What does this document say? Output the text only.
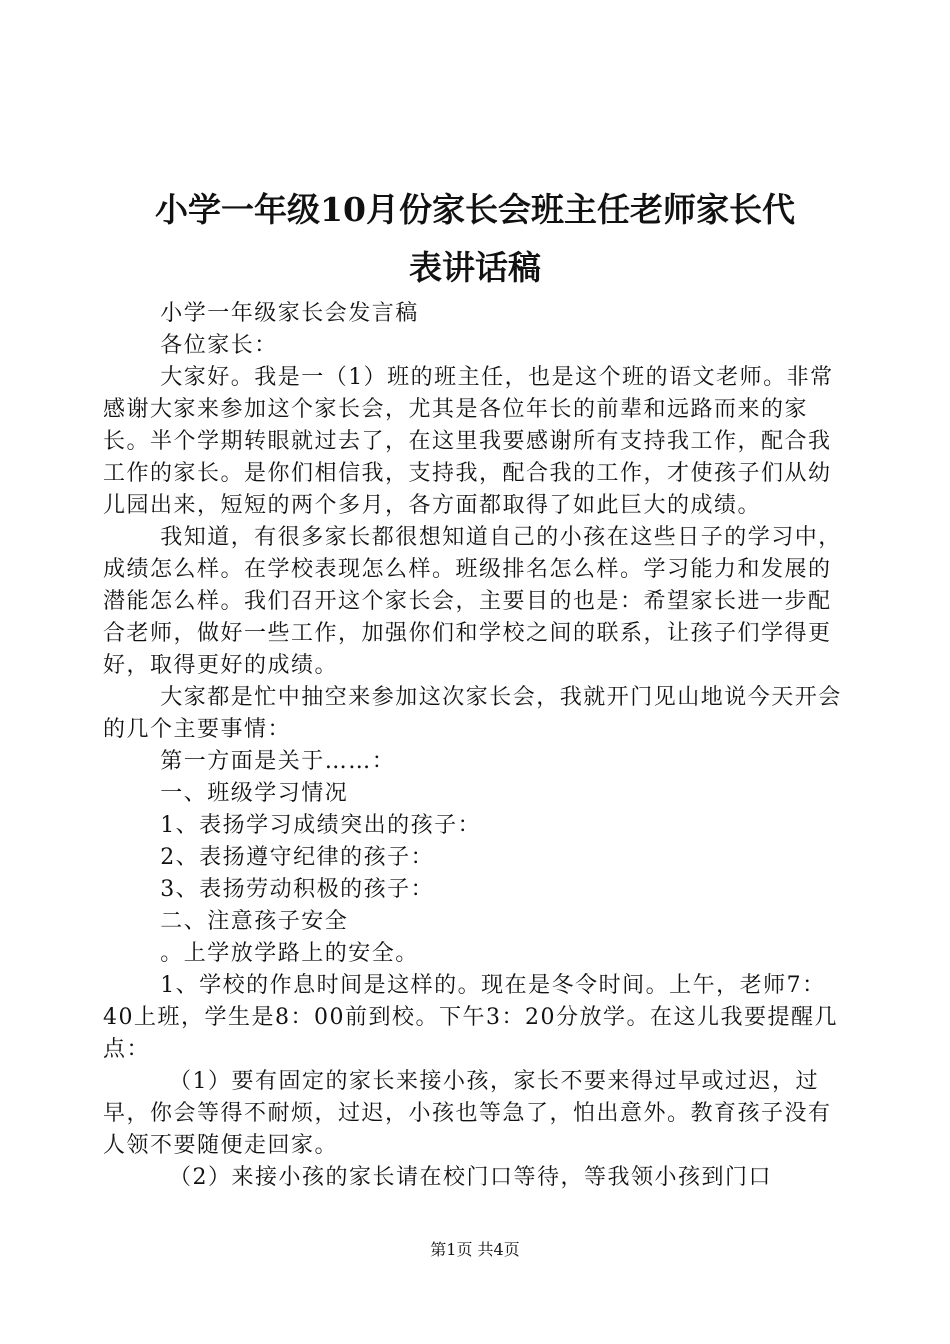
小学一年级10月份家长会班主任老师家长代
表讲话稿

小学一年级家长会发言稿

各位家长：

大家好。我是一（1）班的班主任，也是这个班的语文老师。非常感谢大家来参加这个家长会，尤其是各位年长的前辈和远路而来的家长。半个学期转眼就过去了，在这里我要感谢所有支持我工作，配合我工作的家长。是你们相信我，支持我，配合我的工作，才使孩子们从幼儿园出来，短短的两个多月，各方面都取得了如此巨大的成绩。

我知道，有很多家长都很想知道自己的小孩在这些日子的学习中，成绩怎么样。在学校表现怎么样。班级排名怎么样。学习能力和发展的潜能怎么样。我们召开这个家长会，主要目的也是：希望家长进一步配合老师，做好一些工作，加强你们和学校之间的联系，让孩子们学得更好，取得更好的成绩。

大家都是忙中抽空来参加这次家长会，我就开门见山地说今天开会的几个主要事情：

第一方面是关于……：

一、班级学习情况

1、表扬学习成绩突出的孩子：

2、表扬遵守纪律的孩子：

3、表扬劳动积极的孩子：

二、注意孩子安全

。上学放学路上的安全。

1、学校的作息时间是这样的。现在是冬令时间。上午，老师7：40上班，学生是8：00前到校。下午3：20分放学。在这儿我要提醒几点：

（1）要有固定的家长来接小孩，家长不要来得过早或过迟，过早，你会等得不耐烦，过迟，小孩也等急了，怕出意外。教育孩子没有人领不要随便走回家。

（2）来接小孩的家长请在校门口等待，等我领小孩到门口

第1页 共4页
